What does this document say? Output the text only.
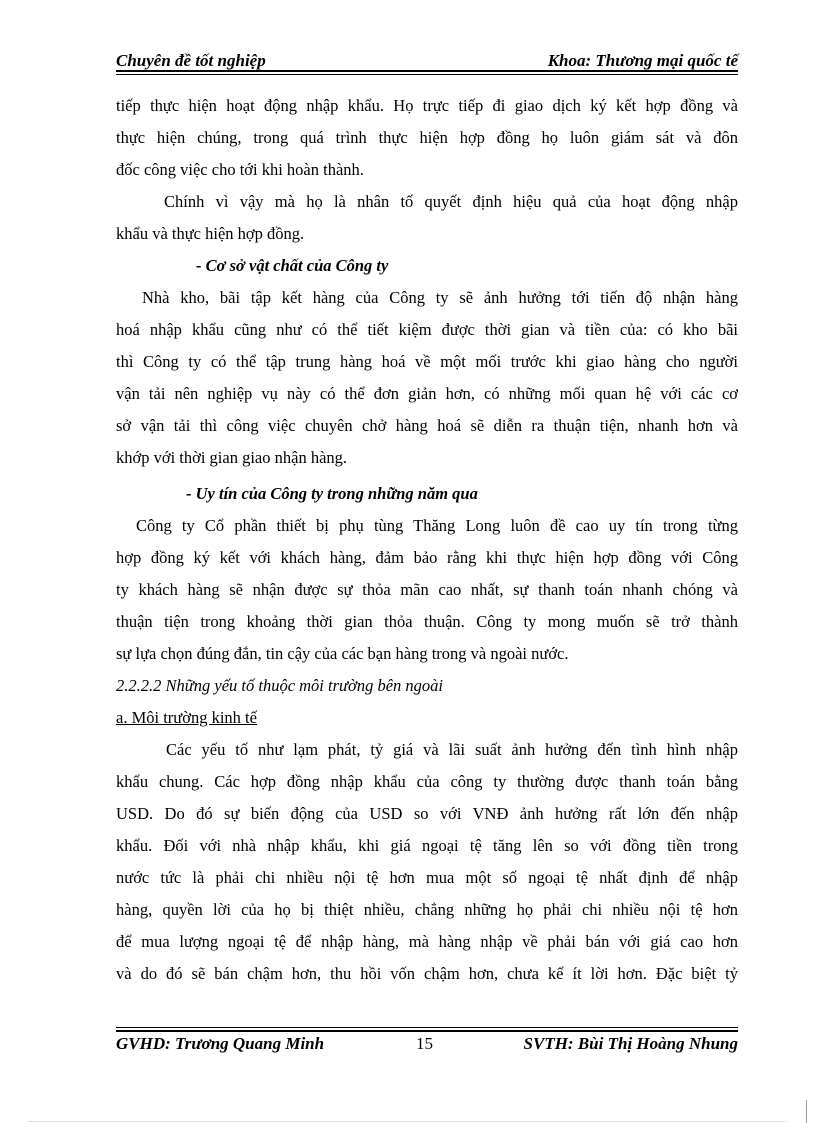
Chuyên đề tốt nghiệp	Khoa: Thương mại quốc tế
tiếp thực hiện hoạt động nhập khẩu. Họ trực tiếp đi giao dịch ký kết hợp đồng và
thực hiện chúng, trong quá trình thực hiện hợp đồng họ luôn giám sát và đôn
đốc công việc cho tới khi hoàn thành.
Chính vì vậy mà họ là nhân tố quyết định hiệu quả của hoạt động nhập
khẩu và thực hiện hợp đồng.
- Cơ sở vật chất của Công ty
Nhà kho, bãi tập kết hàng của Công ty sẽ ảnh hưởng tới tiến độ nhận hàng
hoá nhập khẩu cũng như có thể tiết kiệm được thời gian và tiền của: có kho bãi
thì Công ty có thể tập trung hàng hoá về một mối trước khi giao hàng cho người
vận tải nên nghiệp vụ này có thể đơn giản hơn, có những mối quan hệ với các cơ
sở vận tải thì công việc chuyên chở hàng hoá sẽ diễn ra thuận tiện, nhanh hơn và
khớp với thời gian giao nhận hàng.
- Uy tín của Công ty trong những năm qua
Công ty Cổ phần thiết bị phụ tùng Thăng Long luôn đề cao uy tín trong từng
hợp đồng ký kết với khách hàng, đảm bảo rằng khi thực hiện hợp đồng với Công
ty khách hàng sẽ nhận được sự thỏa mãn cao nhất, sự thanh toán nhanh chóng và
thuận tiện trong khoảng thời gian thỏa thuận. Công ty mong muốn sẽ trở thành
sự lựa chọn đúng đắn, tin cậy của các bạn hàng trong và ngoài nước.
2.2.2.2 Những yếu tố thuộc môi trường bên ngoài
a. Môi trường kinh tế
Các yếu tố như lạm phát, tỷ giá và lãi suất ảnh hưởng đến tình hình nhập
khẩu chung. Các hợp đồng nhập khẩu của công ty thường được thanh toán bằng
USD. Do đó sự biến động của USD so với VNĐ ảnh hưởng rất lớn đến nhập
khẩu. Đối với nhà nhập khẩu, khi giá ngoại tệ tăng lên so với đồng tiền trong
nước tức là phải chi nhiều nội tệ hơn mua một số ngoại tệ nhất định để nhập
hàng, quyền lời của họ bị thiệt nhiều, chẳng những họ phải chi nhiều nội tệ hơn
để mua lượng ngoại tệ để nhập hàng, mà hàng nhập về phải bán với giá cao hơn
và do đó sẽ bán chậm hơn, thu hồi vốn chậm hơn, chưa kể ít lời hơn. Đặc biệt tỷ
GVHD: Trương Quang Minh	15	SVTH: Bùi Thị Hoàng Nhung
